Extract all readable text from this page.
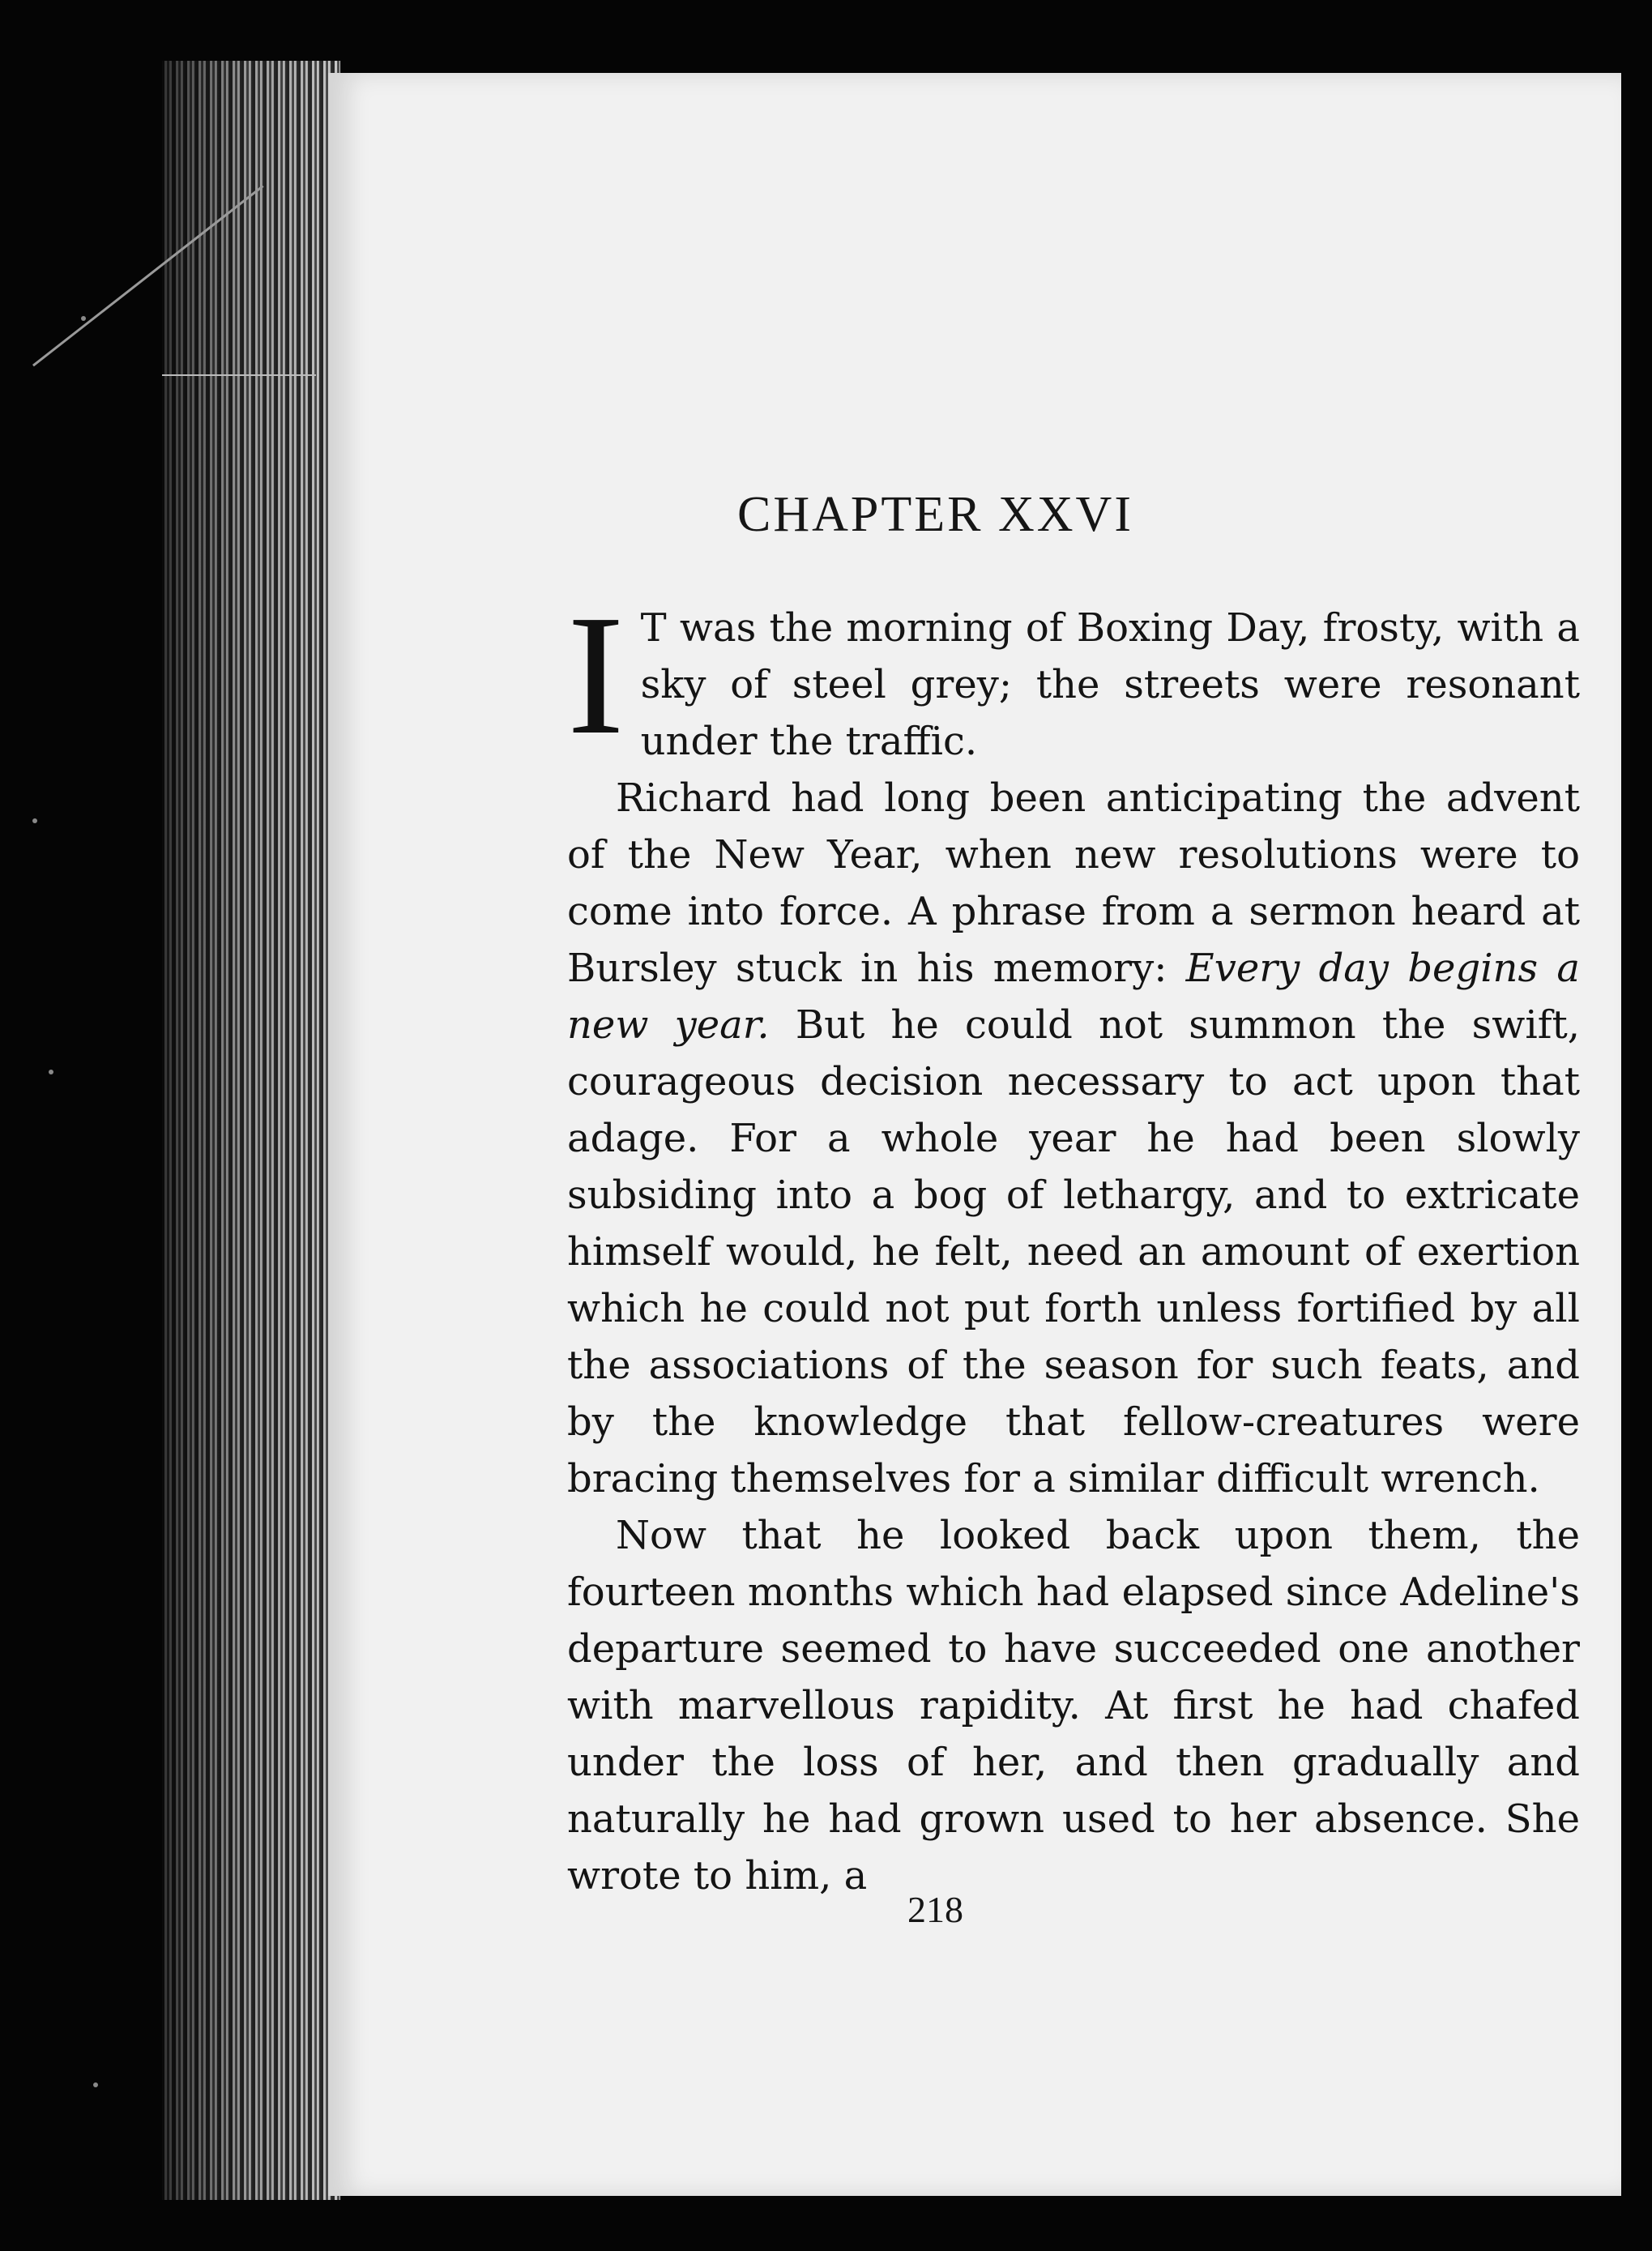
CHAPTER XXVI

I T was the morning of Boxing Day, frosty, with a sky of steel grey; the streets were resonant under the traffic.

Richard had long been anticipating the advent of the New Year, when new resolutions were to come into force. A phrase from a sermon heard at Bursley stuck in his memory: Every day begins a new year. But he could not summon the swift, courageous decision necessary to act upon that adage. For a whole year he had been slowly subsiding into a bog of lethargy, and to extricate himself would, he felt, need an amount of exertion which he could not put forth unless fortified by all the associations of the season for such feats, and by the knowledge that fellow-creatures were bracing themselves for a similar difficult wrench.

Now that he looked back upon them, the fourteen months which had elapsed since Adeline's departure seemed to have succeeded one another with marvellous rapidity. At first he had chafed under the loss of her, and then gradually and naturally he had grown used to her absence. She wrote to him, a

218
